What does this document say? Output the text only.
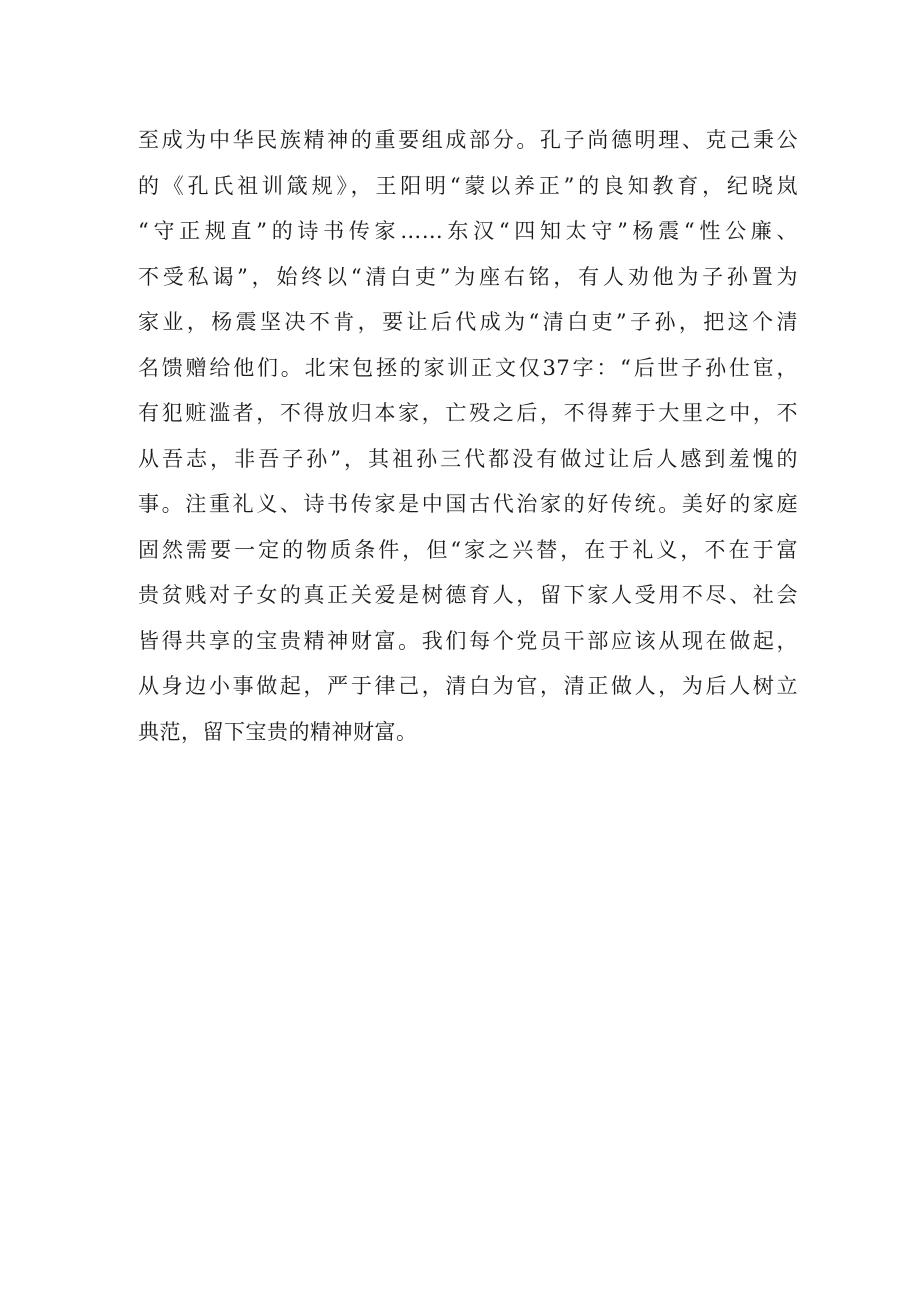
至成为中华民族精神的重要组成部分。孔子尚德明理、克己秉公
的《孔氏祖训箴规》，王阳明“蒙以养正”的良知教育，纪晓岚
“守正规直”的诗书传家……东汉“四知太守”杨震“性公廉、
不受私谒”，始终以“清白吏”为座右铭，有人劝他为子孙置为
家业，杨震坚决不肯，要让后代成为“清白吏”子孙，把这个清
名馈赠给他们。北宋包拯的家训正文仅37字：“后世子孙仕宦，
有犯赃滥者，不得放归本家，亡殁之后，不得葬于大里之中，不
从吾志，非吾子孙”，其祖孙三代都没有做过让后人感到羞愧的
事。注重礼义、诗书传家是中国古代治家的好传统。美好的家庭
固然需要一定的物质条件，但“家之兴替，在于礼义，不在于富
贵贫贱对子女的真正关爱是树德育人，留下家人受用不尽、社会
皆得共享的宝贵精神财富。我们每个党员干部应该从现在做起，
从身边小事做起，严于律己，清白为官，清正做人，为后人树立
典范，留下宝贵的精神财富。
